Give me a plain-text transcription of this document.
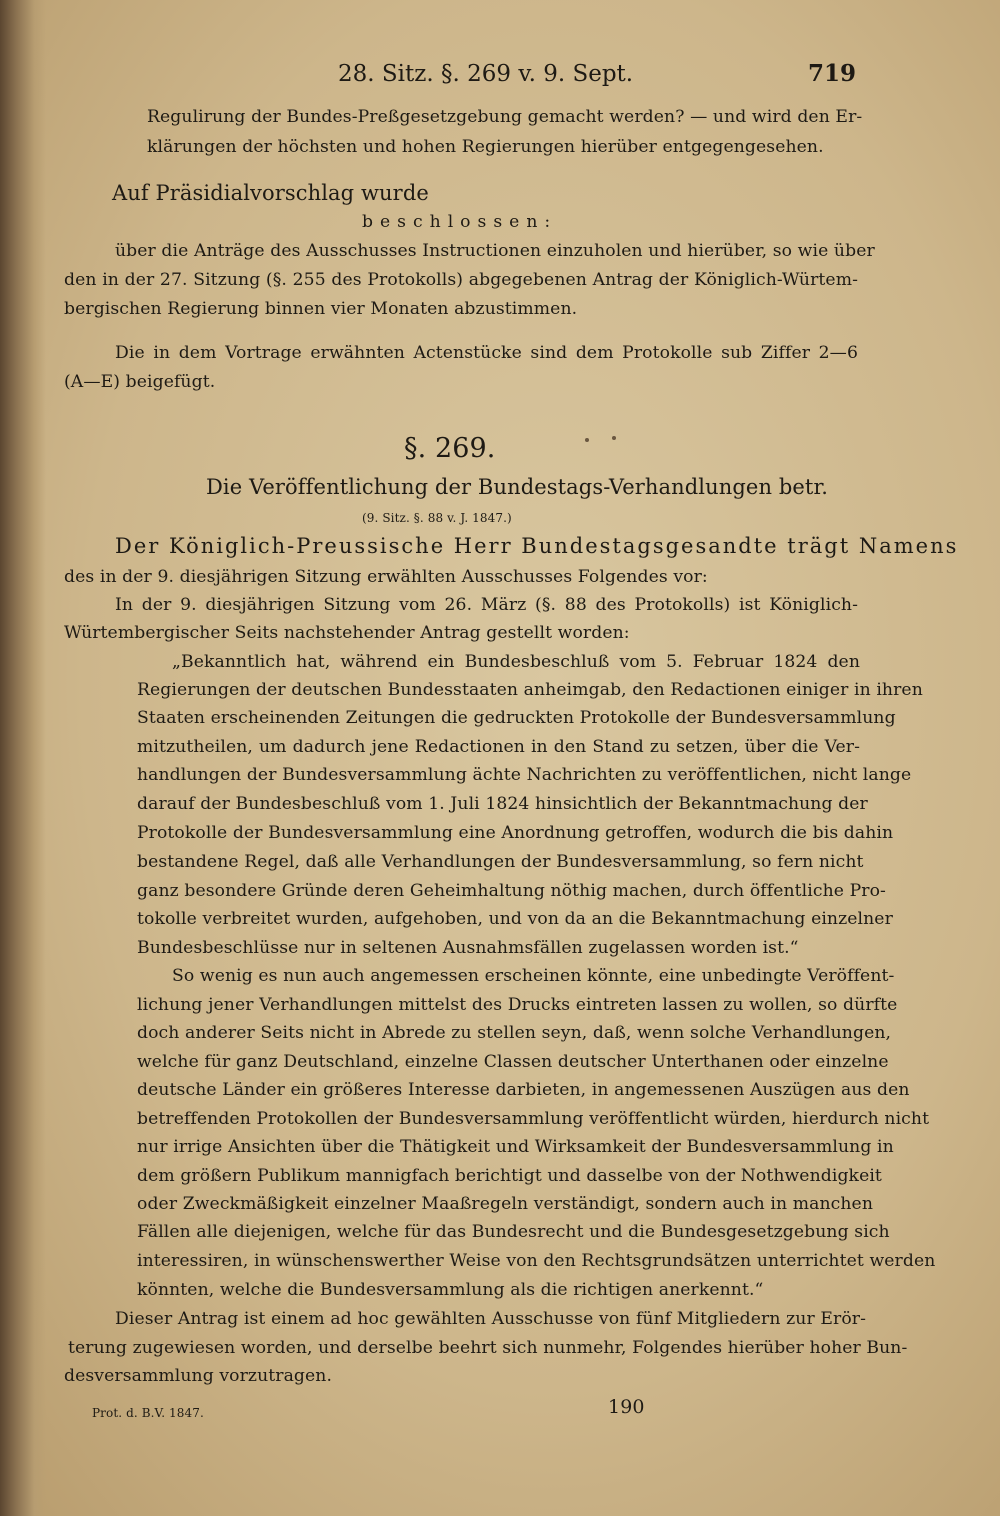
28. Sitz. §. 269 v. 9. Sept.	719
Regulirung der Bundes-Preßgesetzgebung gemacht werden? — und wird den Er-
klärungen der höchsten und hohen Regierungen hierüber entgegengesehen.
Auf Präsidialvorschlag wurde
beschlossen:
über die Anträge des Ausschusses Instructionen einzuholen und hierüber, so wie über
den in der 27. Sitzung (§. 255 des Protokolls) abgegebenen Antrag der Königlich-Würtem-
bergischen Regierung binnen vier Monaten abzustimmen.
Die in dem Vortrage erwähnten Actenstücke sind dem Protokolle sub Ziffer 2—6
(A—E) beigefügt.
§. 269.
Die Veröffentlichung der Bundestags-Verhandlungen betr.
(9. Sitz. §. 88 v. J. 1847.)
Der Königlich-Preussische Herr Bundestagsgesandte trägt Namens
des in der 9. diesjährigen Sitzung erwählten Ausschusses Folgendes vor:
In der 9. diesjährigen Sitzung vom 26. März (§. 88 des Protokolls) ist Königlich-
Würtembergischer Seits nachstehender Antrag gestellt worden:
„Bekanntlich hat, während ein Bundesbeschluß vom 5. Februar 1824 den
Regierungen der deutschen Bundesstaaten anheimgab, den Redactionen einiger in ihren
Staaten erscheinenden Zeitungen die gedruckten Protokolle der Bundesversammlung
mitzutheilen, um dadurch jene Redactionen in den Stand zu setzen, über die Ver-
handlungen der Bundesversammlung ächte Nachrichten zu veröffentlichen, nicht lange
darauf der Bundesbeschluß vom 1. Juli 1824 hinsichtlich der Bekanntmachung der
Protokolle der Bundesversammlung eine Anordnung getroffen, wodurch die bis dahin
bestandene Regel, daß alle Verhandlungen der Bundesversammlung, so fern nicht
ganz besondere Gründe deren Geheimhaltung nöthig machen, durch öffentliche Pro-
tokolle verbreitet wurden, aufgehoben, und von da an die Bekanntmachung einzelner
Bundesbeschlüsse nur in seltenen Ausnahmsfällen zugelassen worden ist.“
So wenig es nun auch angemessen erscheinen könnte, eine unbedingte Veröffent-
lichung jener Verhandlungen mittelst des Drucks eintreten lassen zu wollen, so dürfte
doch anderer Seits nicht in Abrede zu stellen seyn, daß, wenn solche Verhandlungen,
welche für ganz Deutschland, einzelne Classen deutscher Unterthanen oder einzelne
deutsche Länder ein größeres Interesse darbieten, in angemessenen Auszügen aus den
betreffenden Protokollen der Bundesversammlung veröffentlicht würden, hierdurch nicht
nur irrige Ansichten über die Thätigkeit und Wirksamkeit der Bundesversammlung in
dem größern Publikum mannigfach berichtigt und dasselbe von der Nothwendigkeit
oder Zweckmäßigkeit einzelner Maaßregeln verständigt, sondern auch in manchen
Fällen alle diejenigen, welche für das Bundesrecht und die Bundesgesetzgebung sich
interessiren, in wünschenswerther Weise von den Rechtsgrundsätzen unterrichtet werden
könnten, welche die Bundesversammlung als die richtigen anerkennt.“
Dieser Antrag ist einem ad hoc gewählten Ausschusse von fünf Mitgliedern zur Erör-
terung zugewiesen worden, und derselbe beehrt sich nunmehr, Folgendes hierüber hoher Bun-
desversammlung vorzutragen.
Prot. d. B.V. 1847.	190
